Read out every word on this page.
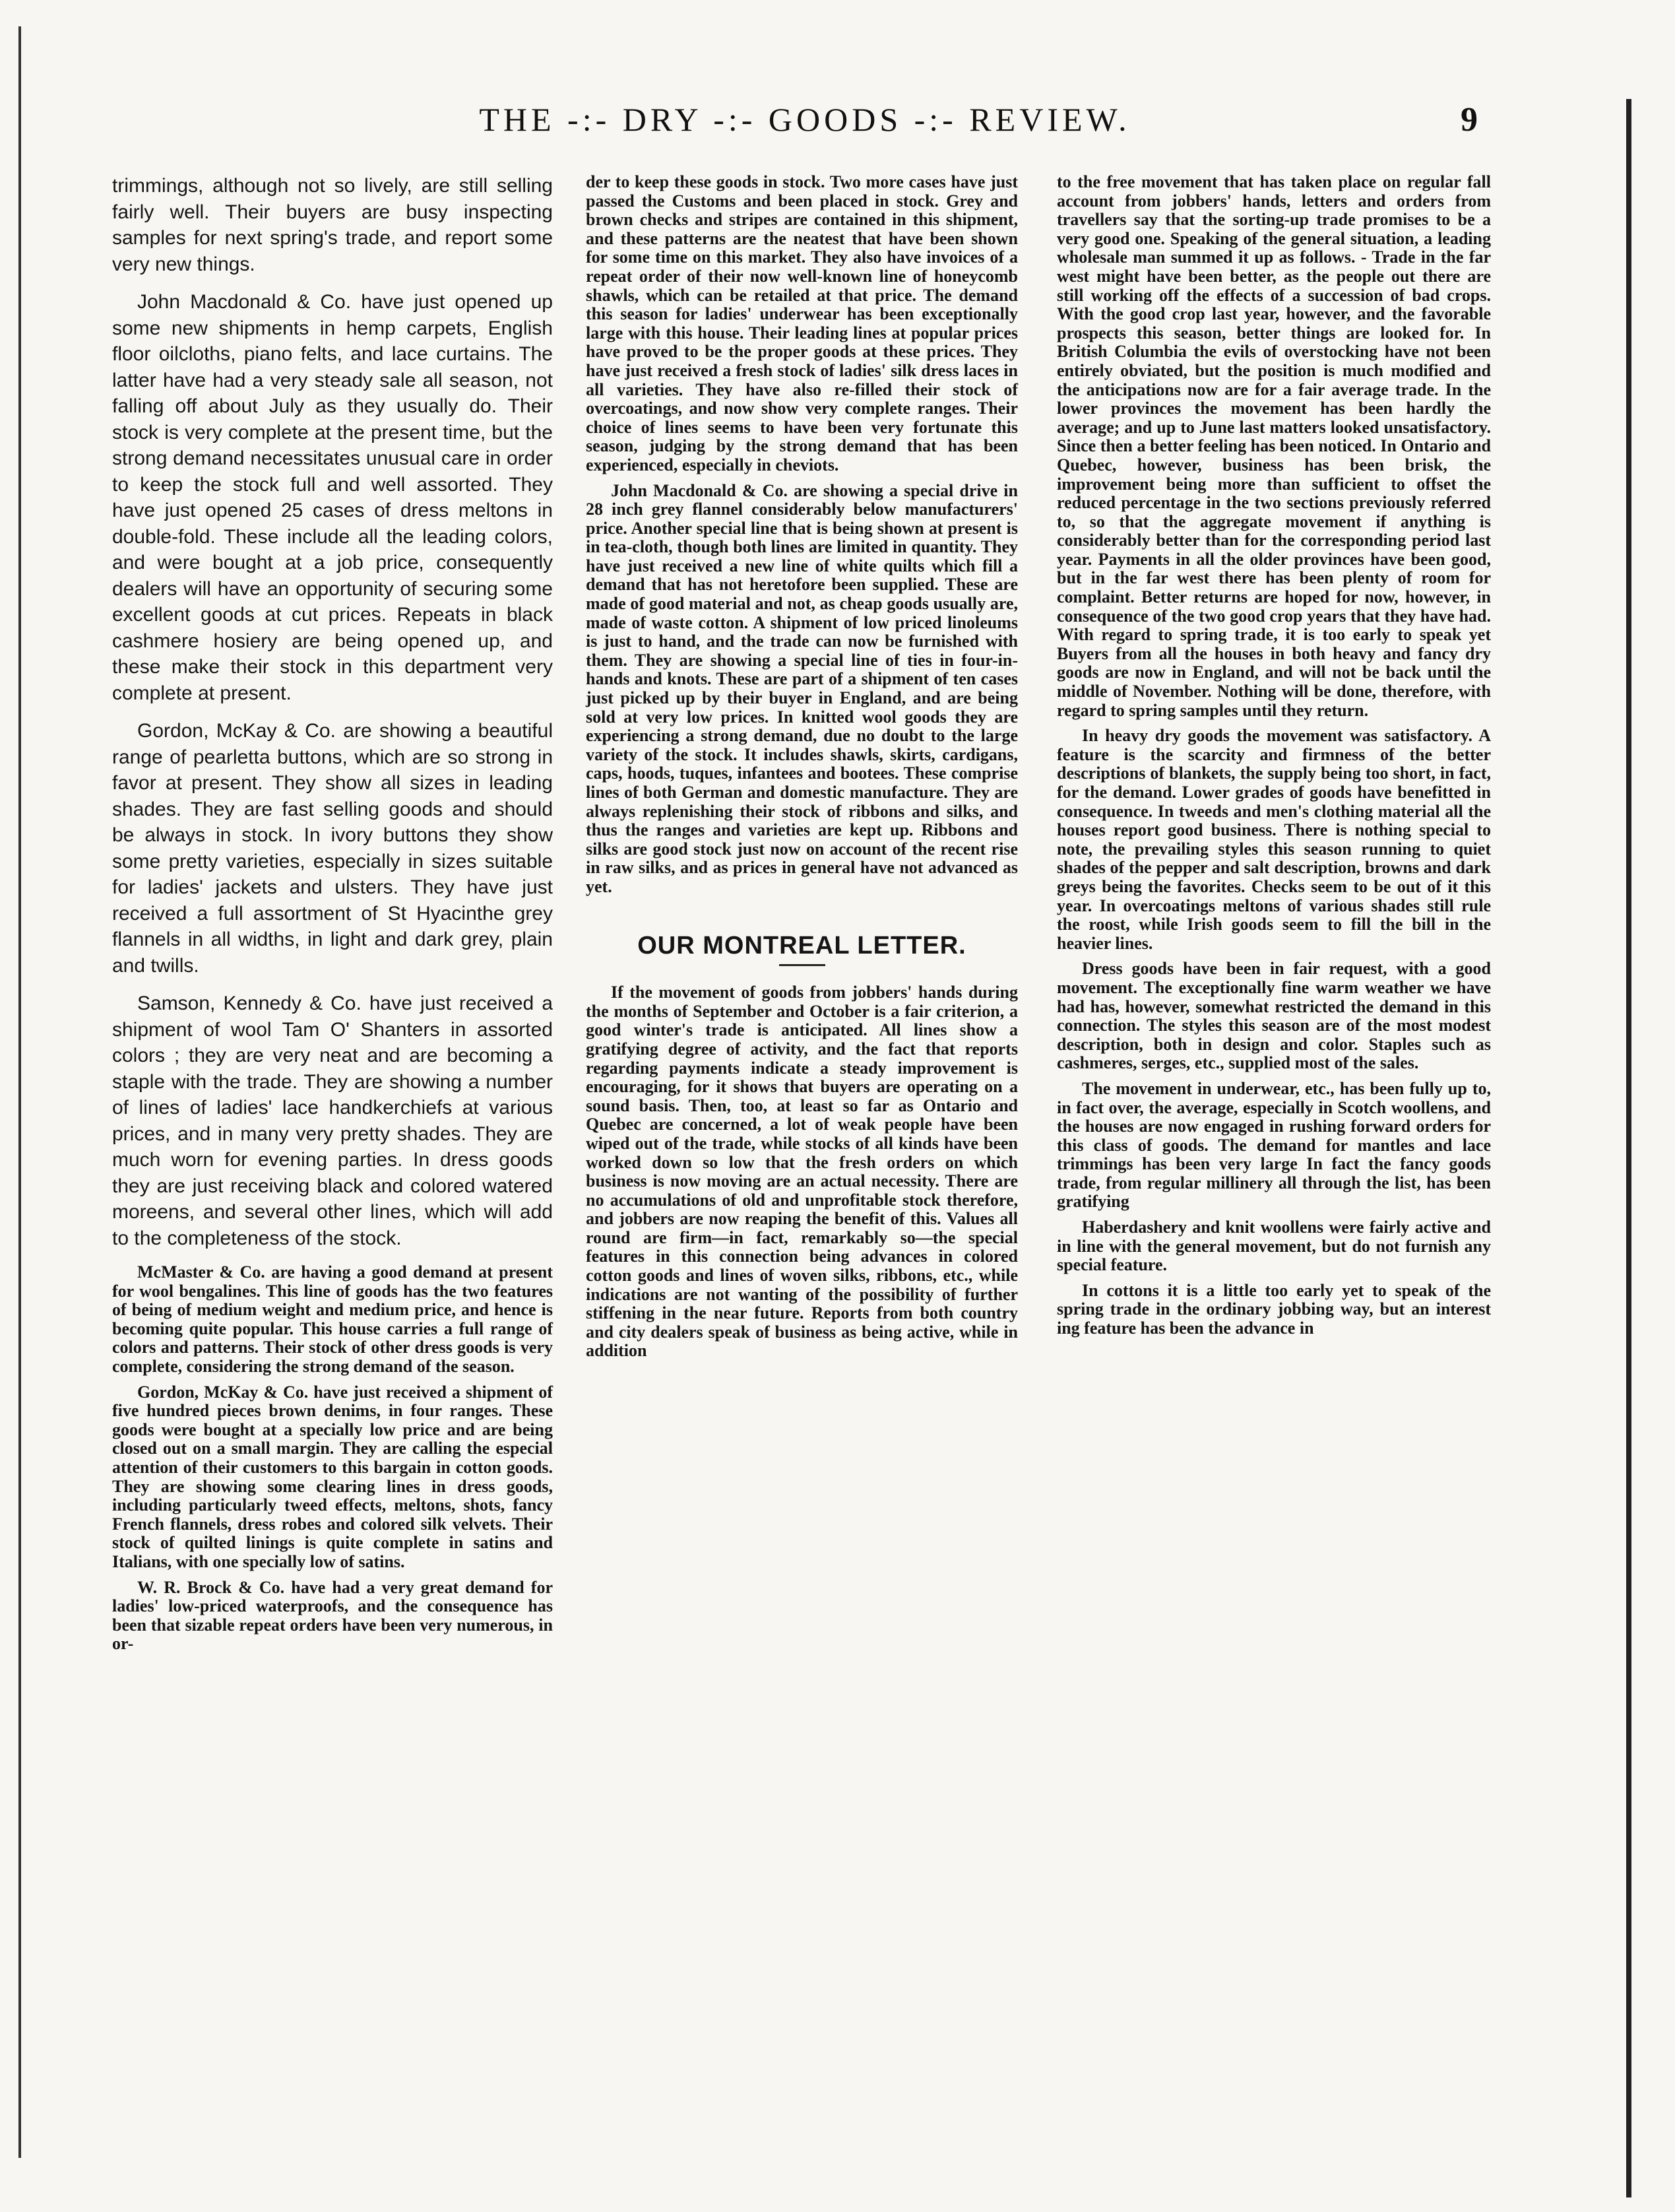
THE -:- DRY -:- GOODS -:- REVIEW.	9

trimmings, although not so lively, are still selling fairly well. Their buyers are busy inspecting samples for next spring's trade, and report some very new things.

John Macdonald & Co. have just opened up some new shipments in hemp carpets, English floor oilcloths, piano felts, and lace curtains. The latter have had a very steady sale all season, not falling off about July as they usually do. Their stock is very complete at the present time, but the strong demand necessitates unusual care in order to keep the stock full and well assorted. They have just opened 25 cases of dress meltons in double-fold. These include all the leading colors, and were bought at a job price, consequently dealers will have an opportunity of securing some excellent goods at cut prices. Repeats in black cashmere hosiery are being opened up, and these make their stock in this department very complete at present.

Gordon, McKay & Co. are showing a beautiful range of pearletta buttons, which are so strong in favor at present. They show all sizes in leading shades. They are fast selling goods and should be always in stock. In ivory buttons they show some pretty varieties, especially in sizes suitable for ladies' jackets and ulsters. They have just received a full assortment of St Hyacinthe grey flannels in all widths, in light and dark grey, plain and twills.

Samson, Kennedy & Co. have just received a shipment of wool Tam O' Shanters in assorted colors ; they are very neat and are becoming a staple with the trade. They are showing a number of lines of ladies' lace handkerchiefs at various prices, and in many very pretty shades. They are much worn for evening parties. In dress goods they are just receiving black and colored watered moreens, and several other lines, which will add to the completeness of the stock.

McMaster & Co. are having a good demand at present for wool bengalines. This line of goods has the two features of being of medium weight and medium price, and hence is becoming quite popular. This house carries a full range of colors and patterns. Their stock of other dress goods is very complete, considering the strong demand of the season.

Gordon, McKay & Co. have just received a shipment of five hundred pieces brown denims, in four ranges. These goods were bought at a specially low price and are being closed out on a small margin. They are calling the especial attention of their customers to this bargain in cotton goods. They are showing some clearing lines in dress goods, including particularly tweed effects, meltons, shots, fancy French flannels, dress robes and colored silk velvets. Their stock of quilted linings is quite complete in satins and Italians, with one specially low of satins.

W. R. Brock & Co. have had a very great demand for ladies' low-priced waterproofs, and the consequence has been that sizable repeat orders have been very numerous, in or-

der to keep these goods in stock. Two more cases have just passed the Customs and been placed in stock. Grey and brown checks and stripes are contained in this shipment, and these patterns are the neatest that have been shown for some time on this market. They also have invoices of a repeat order of their now well-known line of honeycomb shawls, which can be retailed at that price. The demand this season for ladies' underwear has been exceptionally large with this house. Their leading lines at popular prices have proved to be the proper goods at these prices. They have just received a fresh stock of ladies' silk dress laces in all varieties. They have also re-filled their stock of overcoatings, and now show very complete ranges. Their choice of lines seems to have been very fortunate this season, judging by the strong demand that has been experienced, especially in cheviots.

John Macdonald & Co. are showing a special drive in 28 inch grey flannel considerably below manufacturers' price. Another special line that is being shown at present is in tea-cloth, though both lines are limited in quantity. They have just received a new line of white quilts which fill a demand that has not heretofore been supplied. These are made of good material and not, as cheap goods usually are, made of waste cotton. A shipment of low priced linoleums is just to hand, and the trade can now be furnished with them. They are showing a special line of ties in four-in-hands and knots. These are part of a shipment of ten cases just picked up by their buyer in England, and are being sold at very low prices. In knitted wool goods they are experiencing a strong demand, due no doubt to the large variety of the stock. It includes shawls, skirts, cardigans, caps, hoods, tuques, infantees and bootees. These comprise lines of both German and domestic manufacture. They are always replenishing their stock of ribbons and silks, and thus the ranges and varieties are kept up. Ribbons and silks are good stock just now on account of the recent rise in raw silks, and as prices in general have not advanced as yet.

OUR MONTREAL LETTER.

If the movement of goods from jobbers' hands during the months of September and October is a fair criterion, a good winter's trade is anticipated. All lines show a gratifying degree of activity, and the fact that reports regarding payments indicate a steady improvement is encouraging, for it shows that buyers are operating on a sound basis. Then, too, at least so far as Ontario and Quebec are concerned, a lot of weak people have been wiped out of the trade, while stocks of all kinds have been worked down so low that the fresh orders on which business is now moving are an actual necessity. There are no accumulations of old and unprofitable stock therefore, and jobbers are now reaping the benefit of this. Values all round are firm—in fact, remarkably so—the special features in this connection being advances in colored cotton goods and lines of woven silks, ribbons, etc., while indications are not wanting of the possibility of further stiffening in the near future. Reports from both country and city dealers speak of business as being active, while in addition

to the free movement that has taken place on regular fall account from jobbers' hands, letters and orders from travellers say that the sorting-up trade promises to be a very good one. Speaking of the general situation, a leading wholesale man summed it up as follows. - Trade in the far west might have been better, as the people out there are still working off the effects of a succession of bad crops. With the good crop last year, however, and the favorable prospects this season, better things are looked for. In British Columbia the evils of overstocking have not been entirely obviated, but the position is much modified and the anticipations now are for a fair average trade. In the lower provinces the movement has been hardly the average; and up to June last matters looked unsatisfactory. Since then a better feeling has been noticed. In Ontario and Quebec, however, business has been brisk, the improvement being more than sufficient to offset the reduced percentage in the two sections previously referred to, so that the aggregate movement if anything is considerably better than for the corresponding period last year. Payments in all the older provinces have been good, but in the far west there has been plenty of room for complaint. Better returns are hoped for now, however, in consequence of the two good crop years that they have had. With regard to spring trade, it is too early to speak yet Buyers from all the houses in both heavy and fancy dry goods are now in England, and will not be back until the middle of November. Nothing will be done, therefore, with regard to spring samples until they return.

In heavy dry goods the movement was satisfactory. A feature is the scarcity and firmness of the better descriptions of blankets, the supply being too short, in fact, for the demand. Lower grades of goods have benefitted in consequence. In tweeds and men's clothing material all the houses report good business. There is nothing special to note, the prevailing styles this season running to quiet shades of the pepper and salt description, browns and dark greys being the favorites. Checks seem to be out of it this year. In overcoatings meltons of various shades still rule the roost, while Irish goods seem to fill the bill in the heavier lines.

Dress goods have been in fair request, with a good movement. The exceptionally fine warm weather we have had has, however, somewhat restricted the demand in this connection. The styles this season are of the most modest description, both in design and color. Staples such as cashmeres, serges, etc., supplied most of the sales.

The movement in underwear, etc., has been fully up to, in fact over, the average, especially in Scotch woollens, and the houses are now engaged in rushing forward orders for this class of goods. The demand for mantles and lace trimmings has been very large In fact the fancy goods trade, from regular millinery all through the list, has been gratifying

Haberdashery and knit woollens were fairly active and in line with the general movement, but do not furnish any special feature.

In cottons it is a little too early yet to speak of the spring trade in the ordinary jobbing way, but an interest ing feature has been the advance in
